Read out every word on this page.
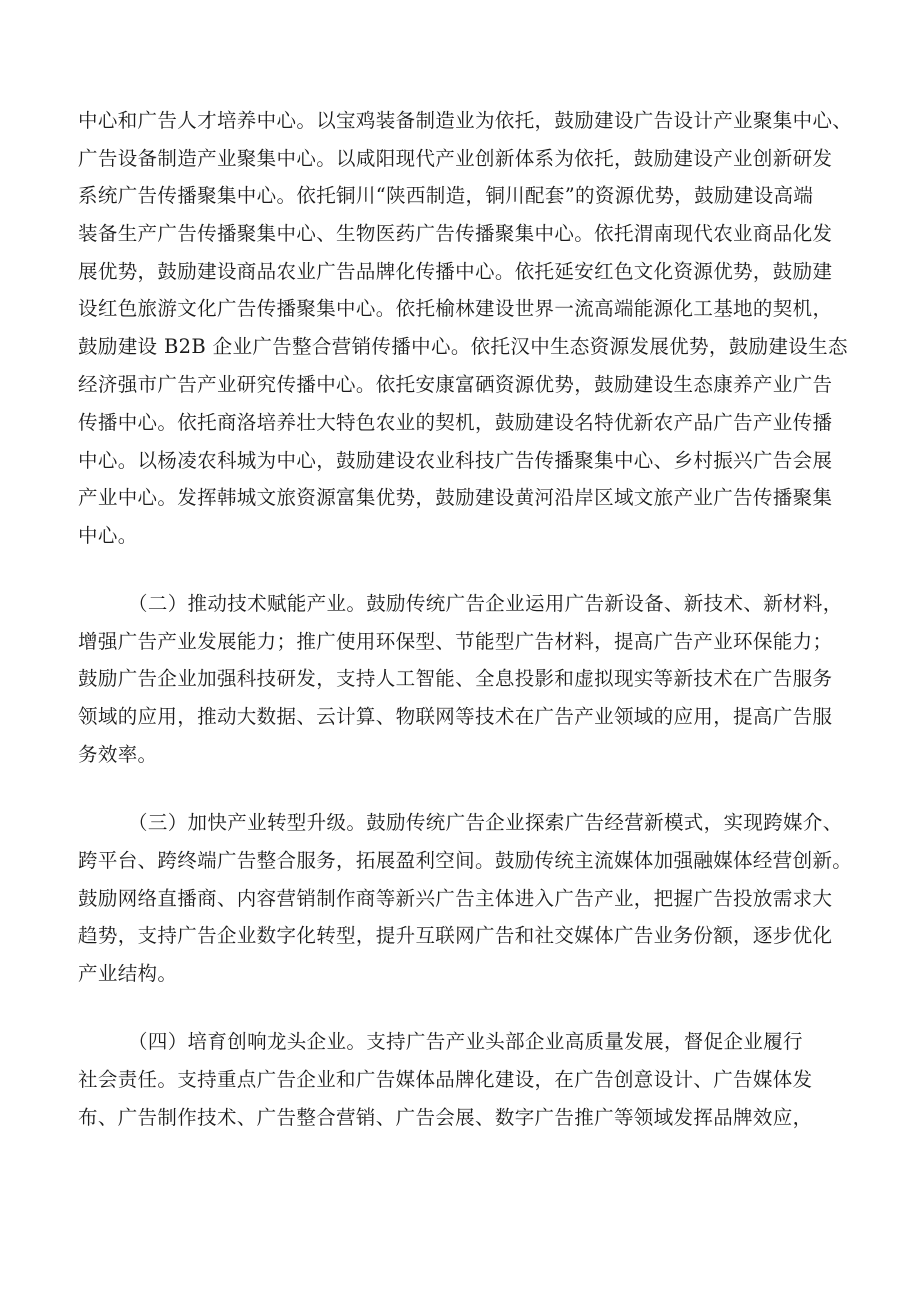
中心和广告人才培养中心。以宝鸡装备制造业为依托，鼓励建设广告设计产业聚集中心、
广告设备制造产业聚集中心。以咸阳现代产业创新体系为依托，鼓励建设产业创新研发
系统广告传播聚集中心。依托铜川“陕西制造，铜川配套”的资源优势，鼓励建设高端
装备生产广告传播聚集中心、生物医药广告传播聚集中心。依托渭南现代农业商品化发
展优势，鼓励建设商品农业广告品牌化传播中心。依托延安红色文化资源优势，鼓励建
设红色旅游文化广告传播聚集中心。依托榆林建设世界一流高端能源化工基地的契机，
鼓励建设 B2B 企业广告整合营销传播中心。依托汉中生态资源发展优势，鼓励建设生态
经济强市广告产业研究传播中心。依托安康富硒资源优势，鼓励建设生态康养产业广告
传播中心。依托商洛培养壮大特色农业的契机，鼓励建设名特优新农产品广告产业传播
中心。以杨凌农科城为中心，鼓励建设农业科技广告传播聚集中心、乡村振兴广告会展
产业中心。发挥韩城文旅资源富集优势，鼓励建设黄河沿岸区域文旅产业广告传播聚集
中心。
（二）推动技术赋能产业。鼓励传统广告企业运用广告新设备、新技术、新材料，
增强广告产业发展能力；推广使用环保型、节能型广告材料，提高广告产业环保能力；
鼓励广告企业加强科技研发，支持人工智能、全息投影和虚拟现实等新技术在广告服务
领域的应用，推动大数据、云计算、物联网等技术在广告产业领域的应用，提高广告服
务效率。
（三）加快产业转型升级。鼓励传统广告企业探索广告经营新模式，实现跨媒介、
跨平台、跨终端广告整合服务，拓展盈利空间。鼓励传统主流媒体加强融媒体经营创新。
鼓励网络直播商、内容营销制作商等新兴广告主体进入广告产业，把握广告投放需求大
趋势，支持广告企业数字化转型，提升互联网广告和社交媒体广告业务份额，逐步优化
产业结构。
（四）培育创响龙头企业。支持广告产业头部企业高质量发展，督促企业履行
社会责任。支持重点广告企业和广告媒体品牌化建设，在广告创意设计、广告媒体发
布、广告制作技术、广告整合营销、广告会展、数字广告推广等领域发挥品牌效应，
